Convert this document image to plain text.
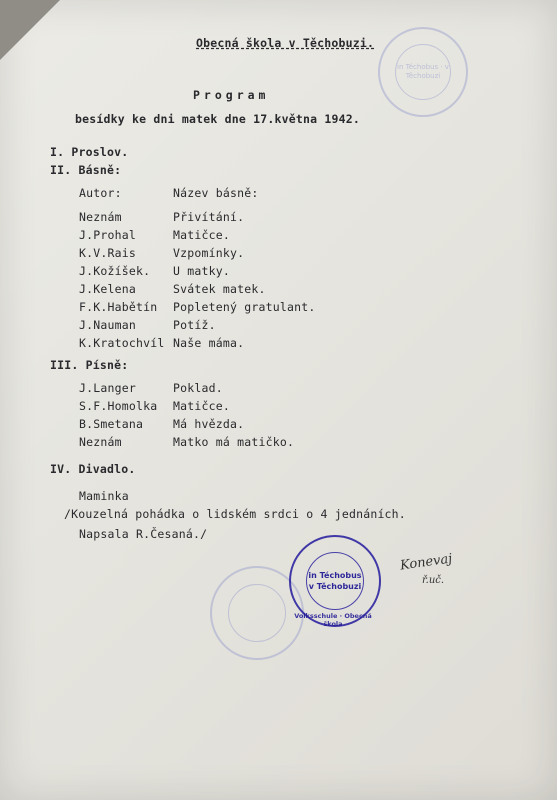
Obecná škola v Těchobuzi.
in Téchobus · v Těchobuzi
Program
besídky ke dni matek dne 17.května 1942.
I. Proslov.
II. Básně:
Autor:	Název básně:
Neznám	Přivítání.
J.Prohal	Matičce.
K.V.Rais	Vzpomínky.
J.Kožíšek. U matky.
J.Kelena	Svátek matek.
F.K.Habětín Popletený gratulant.
J.Nauman	Potíž.
K.Kratochvíl Naše máma.
III. Písně:
J.Langer	Poklad.
S.F.Homolka Matičce.
B.Smetana	Má hvězda.
Neznám	Matko má matičko.
IV. Divadlo.
Maminka
/Kouzelná pohádka o lidském srdci o 4 jednáních.
Napsala R.Česaná./
in Téchobus
v Těchobuzi
Volksschule · Obecná škola
Konevaj
ř.uč.
